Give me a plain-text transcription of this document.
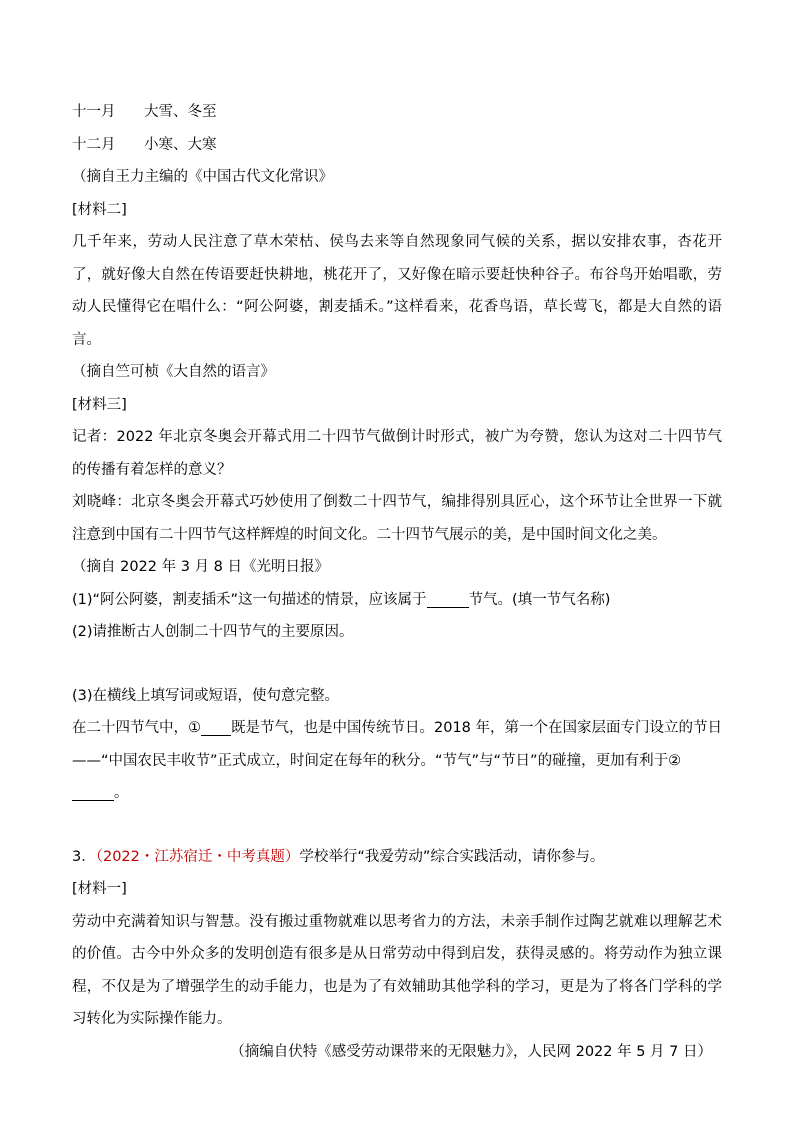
十一月 大雪、冬至
十二月 小寒、大寒
（摘自王力主编的《中国古代文化常识》
[材料二]
几千年来，劳动人民注意了草木荣枯、侯鸟去来等自然现象同气候的关系，据以安排农事，杏花开了，就好像大自然在传语要赶快耕地，桃花开了，又好像在暗示要赶快种谷子。布谷鸟开始唱歌，劳动人民懂得它在唱什么：“阿公阿婆，割麦插禾。”这样看来，花香鸟语，草长莺飞，都是大自然的语言。
（摘自竺可桢《大自然的语言》
[材料三]
记者：2022 年北京冬奥会开幕式用二十四节气做倒计时形式，被广为夸赞，您认为这对二十四节气的传播有着怎样的意义？
刘晓峰：北京冬奥会开幕式巧妙使用了倒数二十四节气，编排得别具匠心，这个环节让全世界一下就注意到中国有二十四节气这样辉煌的时间文化。二十四节气展示的美，是中国时间文化之美。
（摘自 2022 年 3 月 8 日《光明日报》
(1)“阿公阿婆，割麦插禾”这一句描述的情景，应该属于	节气。(填一节气名称)
(2)请推断古人创制二十四节气的主要原因。
(3)在横线上填写词或短语，使句意完整。
在二十四节气中，① 既是节气，也是中国传统节日。2018 年，第一个在国家层面专门设立的节日——“中国农民丰收节”正式成立，时间定在每年的秋分。“节气”与“节日”的碰撞，更加有利于②
。
3．（2022・江苏宿迁・中考真题）学校举行“我爱劳动”综合实践活动，请你参与。
[材料一]
劳动中充满着知识与智慧。没有搬过重物就难以思考省力的方法，未亲手制作过陶艺就难以理解艺术的价值。古今中外众多的发明创造有很多是从日常劳动中得到启发，获得灵感的。将劳动作为独立课程，不仅是为了增强学生的动手能力，也是为了有效辅助其他学科的学习，更是为了将各门学科的学习转化为实际操作能力。
（摘编自伏特《感受劳动课带来的无限魅力》，人民网 2022 年 5 月 7 日）
